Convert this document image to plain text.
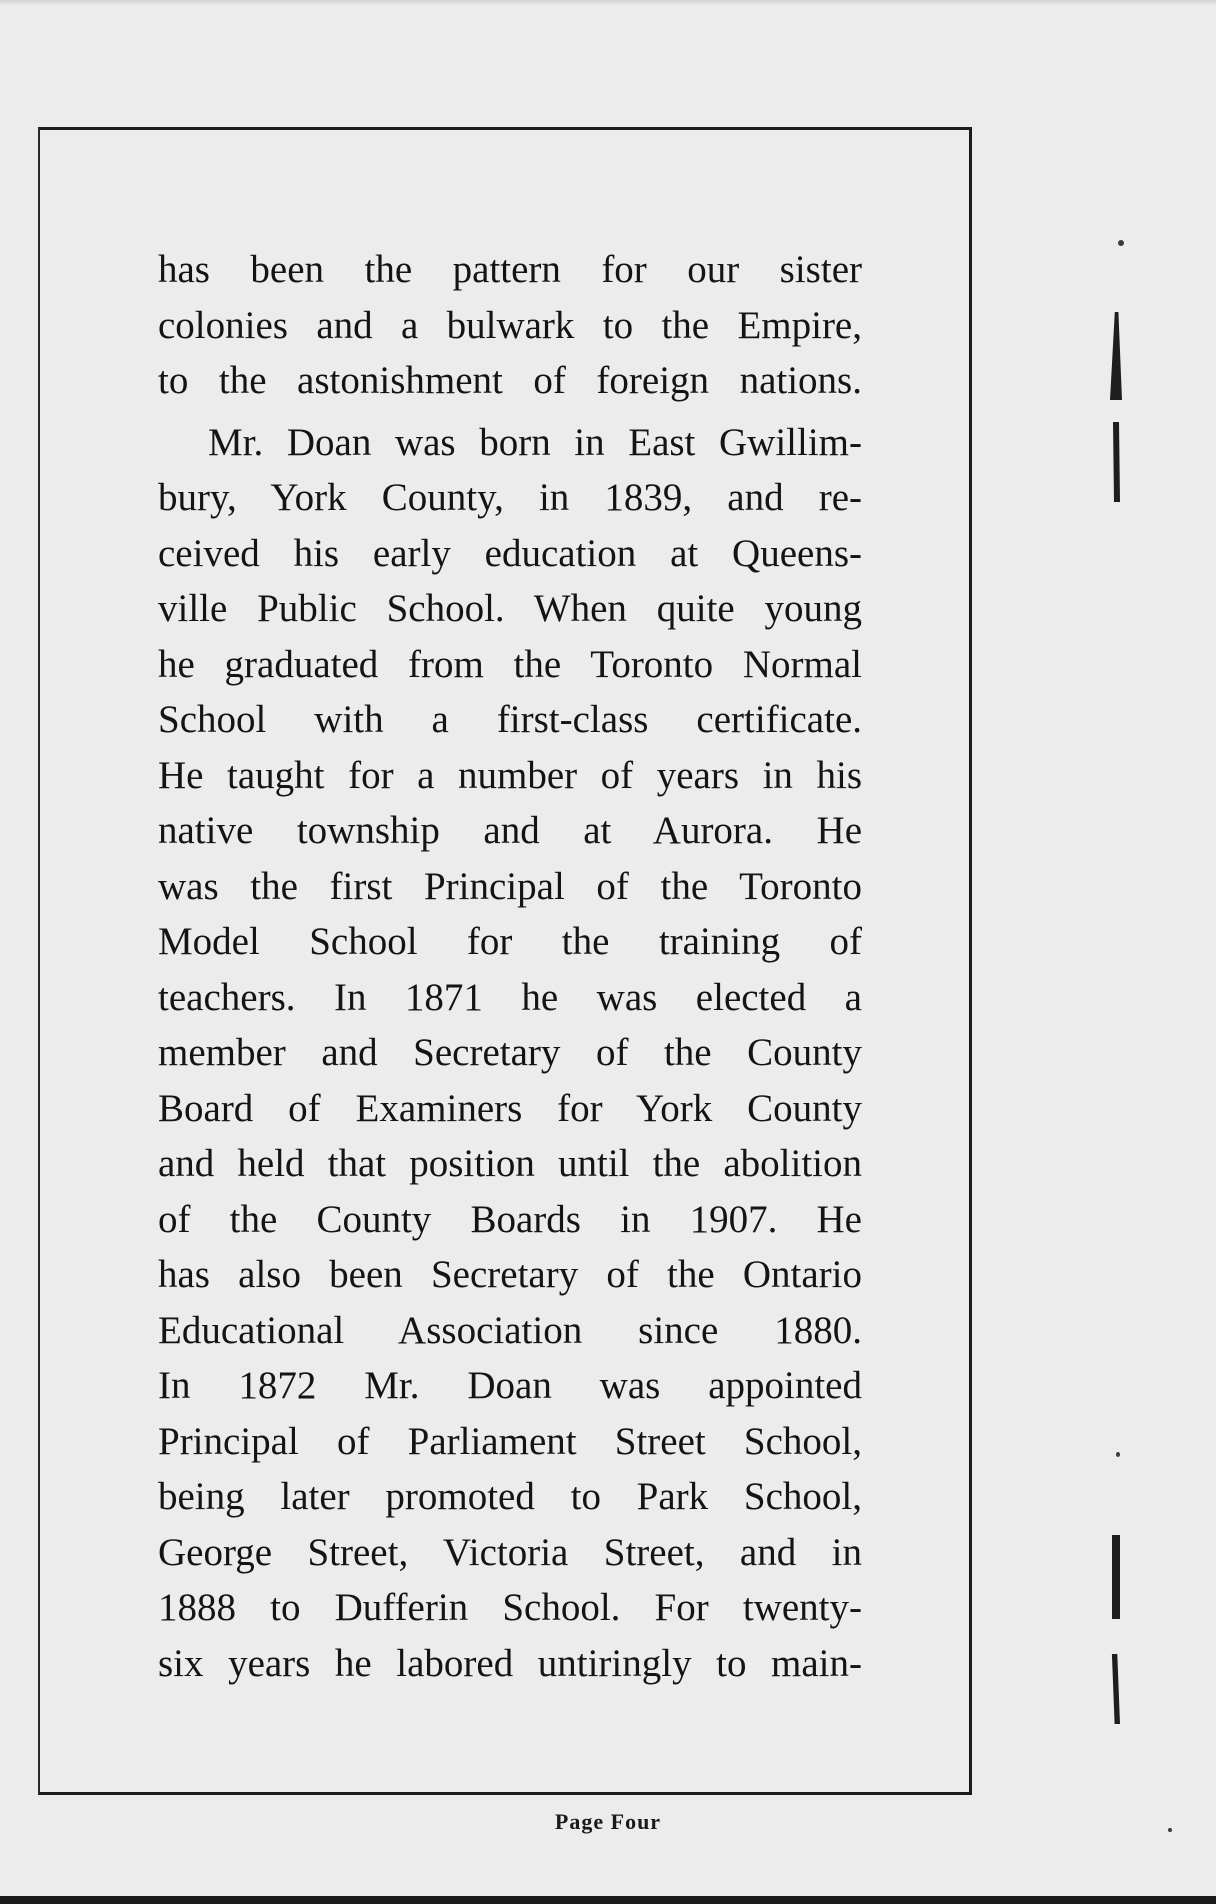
has been the pattern for our sister
colonies and a bulwark to the Empire,
to the astonishment of foreign nations.
Mr. Doan was born in East Gwillim-
bury, York County, in 1839, and re-
ceived his early education at Queens-
ville Public School. When quite young
he graduated from the Toronto Normal
School with a first-class certificate.
He taught for a number of years in his
native township and at Aurora. He
was the first Principal of the Toronto
Model School for the training of
teachers. In 1871 he was elected a
member and Secretary of the County
Board of Examiners for York County
and held that position until the abolition
of the County Boards in 1907. He
has also been Secretary of the Ontario
Educational Association since 1880.
In 1872 Mr. Doan was appointed
Principal of Parliament Street School,
being later promoted to Park School,
George Street, Victoria Street, and in
1888 to Dufferin School. For twenty-
six years he labored untiringly to main-
Page Four
